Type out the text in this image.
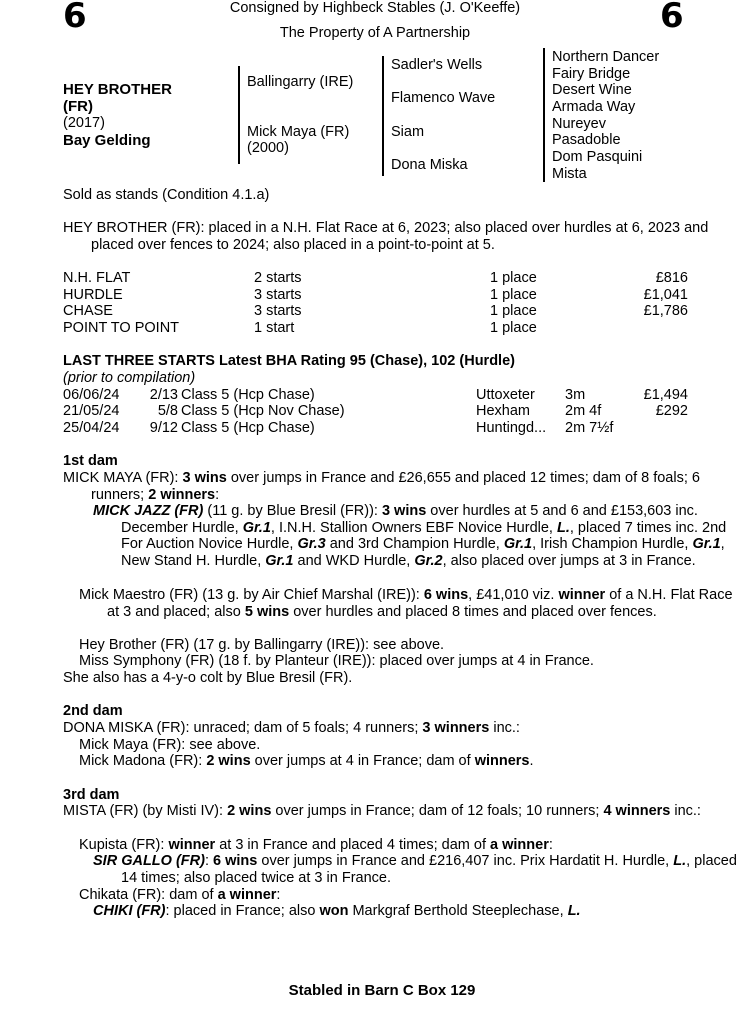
6	6
Consigned by Highbeck Stables (J. O'Keeffe)
The Property of A Partnership
HEY BROTHER
(FR)
(2017)
Bay Gelding
Ballingarry (IRE)
Mick Maya (FR)
(2000)
Sadler's Wells
Flamenco Wave
Siam
Dona Miska
Northern Dancer
Fairy Bridge
Desert Wine
Armada Way
Nureyev
Pasadoble
Dom Pasquini
Mista
Sold as stands (Condition 4.1.a)
HEY BROTHER (FR): placed in a N.H. Flat Race at 6, 2023; also placed over hurdles at 6, 2023 and placed over fences to 2024; also placed in a point-to-point at 5.
N.H. FLAT	2 starts	1 place	£816
HURDLE	3 starts	1 place	£1,041
CHASE	3 starts	1 place	£1,786
POINT TO POINT	1 start	1 place
LAST THREE STARTS Latest BHA Rating 95 (Chase), 102 (Hurdle)
(prior to compilation)
06/06/24	2/13 Class 5 (Hcp Chase)	Uttoxeter 3m	£1,494
21/05/24	5/8 Class 5 (Hcp Nov Chase)	Hexham 2m 4f	£292
25/04/24	9/12 Class 5 (Hcp Chase)	Huntingd... 2m 7½f
1st dam
MICK MAYA (FR): 3 wins over jumps in France and £26,655 and placed 12 times; dam of 8 foals; 6 runners; 2 winners:
MICK JAZZ (FR) (11 g. by Blue Bresil (FR)): 3 wins over hurdles at 5 and 6 and £153,603 inc. December Hurdle, Gr.1, I.N.H. Stallion Owners EBF Novice Hurdle, L., placed 7 times inc. 2nd For Auction Novice Hurdle, Gr.3 and 3rd Champion Hurdle, Gr.1, Irish Champion Hurdle, Gr.1, New Stand H. Hurdle, Gr.1 and WKD Hurdle, Gr.2, also placed over jumps at 3 in France.
Mick Maestro (FR) (13 g. by Air Chief Marshal (IRE)): 6 wins, £41,010 viz. winner of a N.H. Flat Race at 3 and placed; also 5 wins over hurdles and placed 8 times and placed over fences.
Hey Brother (FR) (17 g. by Ballingarry (IRE)): see above.
Miss Symphony (FR) (18 f. by Planteur (IRE)): placed over jumps at 4 in France.
She also has a 4-y-o colt by Blue Bresil (FR).
2nd dam
DONA MISKA (FR): unraced; dam of 5 foals; 4 runners; 3 winners inc.:
Mick Maya (FR): see above.
Mick Madona (FR): 2 wins over jumps at 4 in France; dam of winners.
3rd dam
MISTA (FR) (by Misti IV): 2 wins over jumps in France; dam of 12 foals; 10 runners; 4 winners inc.:
Kupista (FR): winner at 3 in France and placed 4 times; dam of a winner:
SIR GALLO (FR): 6 wins over jumps in France and £216,407 inc. Prix Hardatit H. Hurdle, L., placed 14 times; also placed twice at 3 in France.
Chikata (FR): dam of a winner:
CHIKI (FR): placed in France; also won Markgraf Berthold Steeplechase, L.
Stabled in Barn C Box 129
